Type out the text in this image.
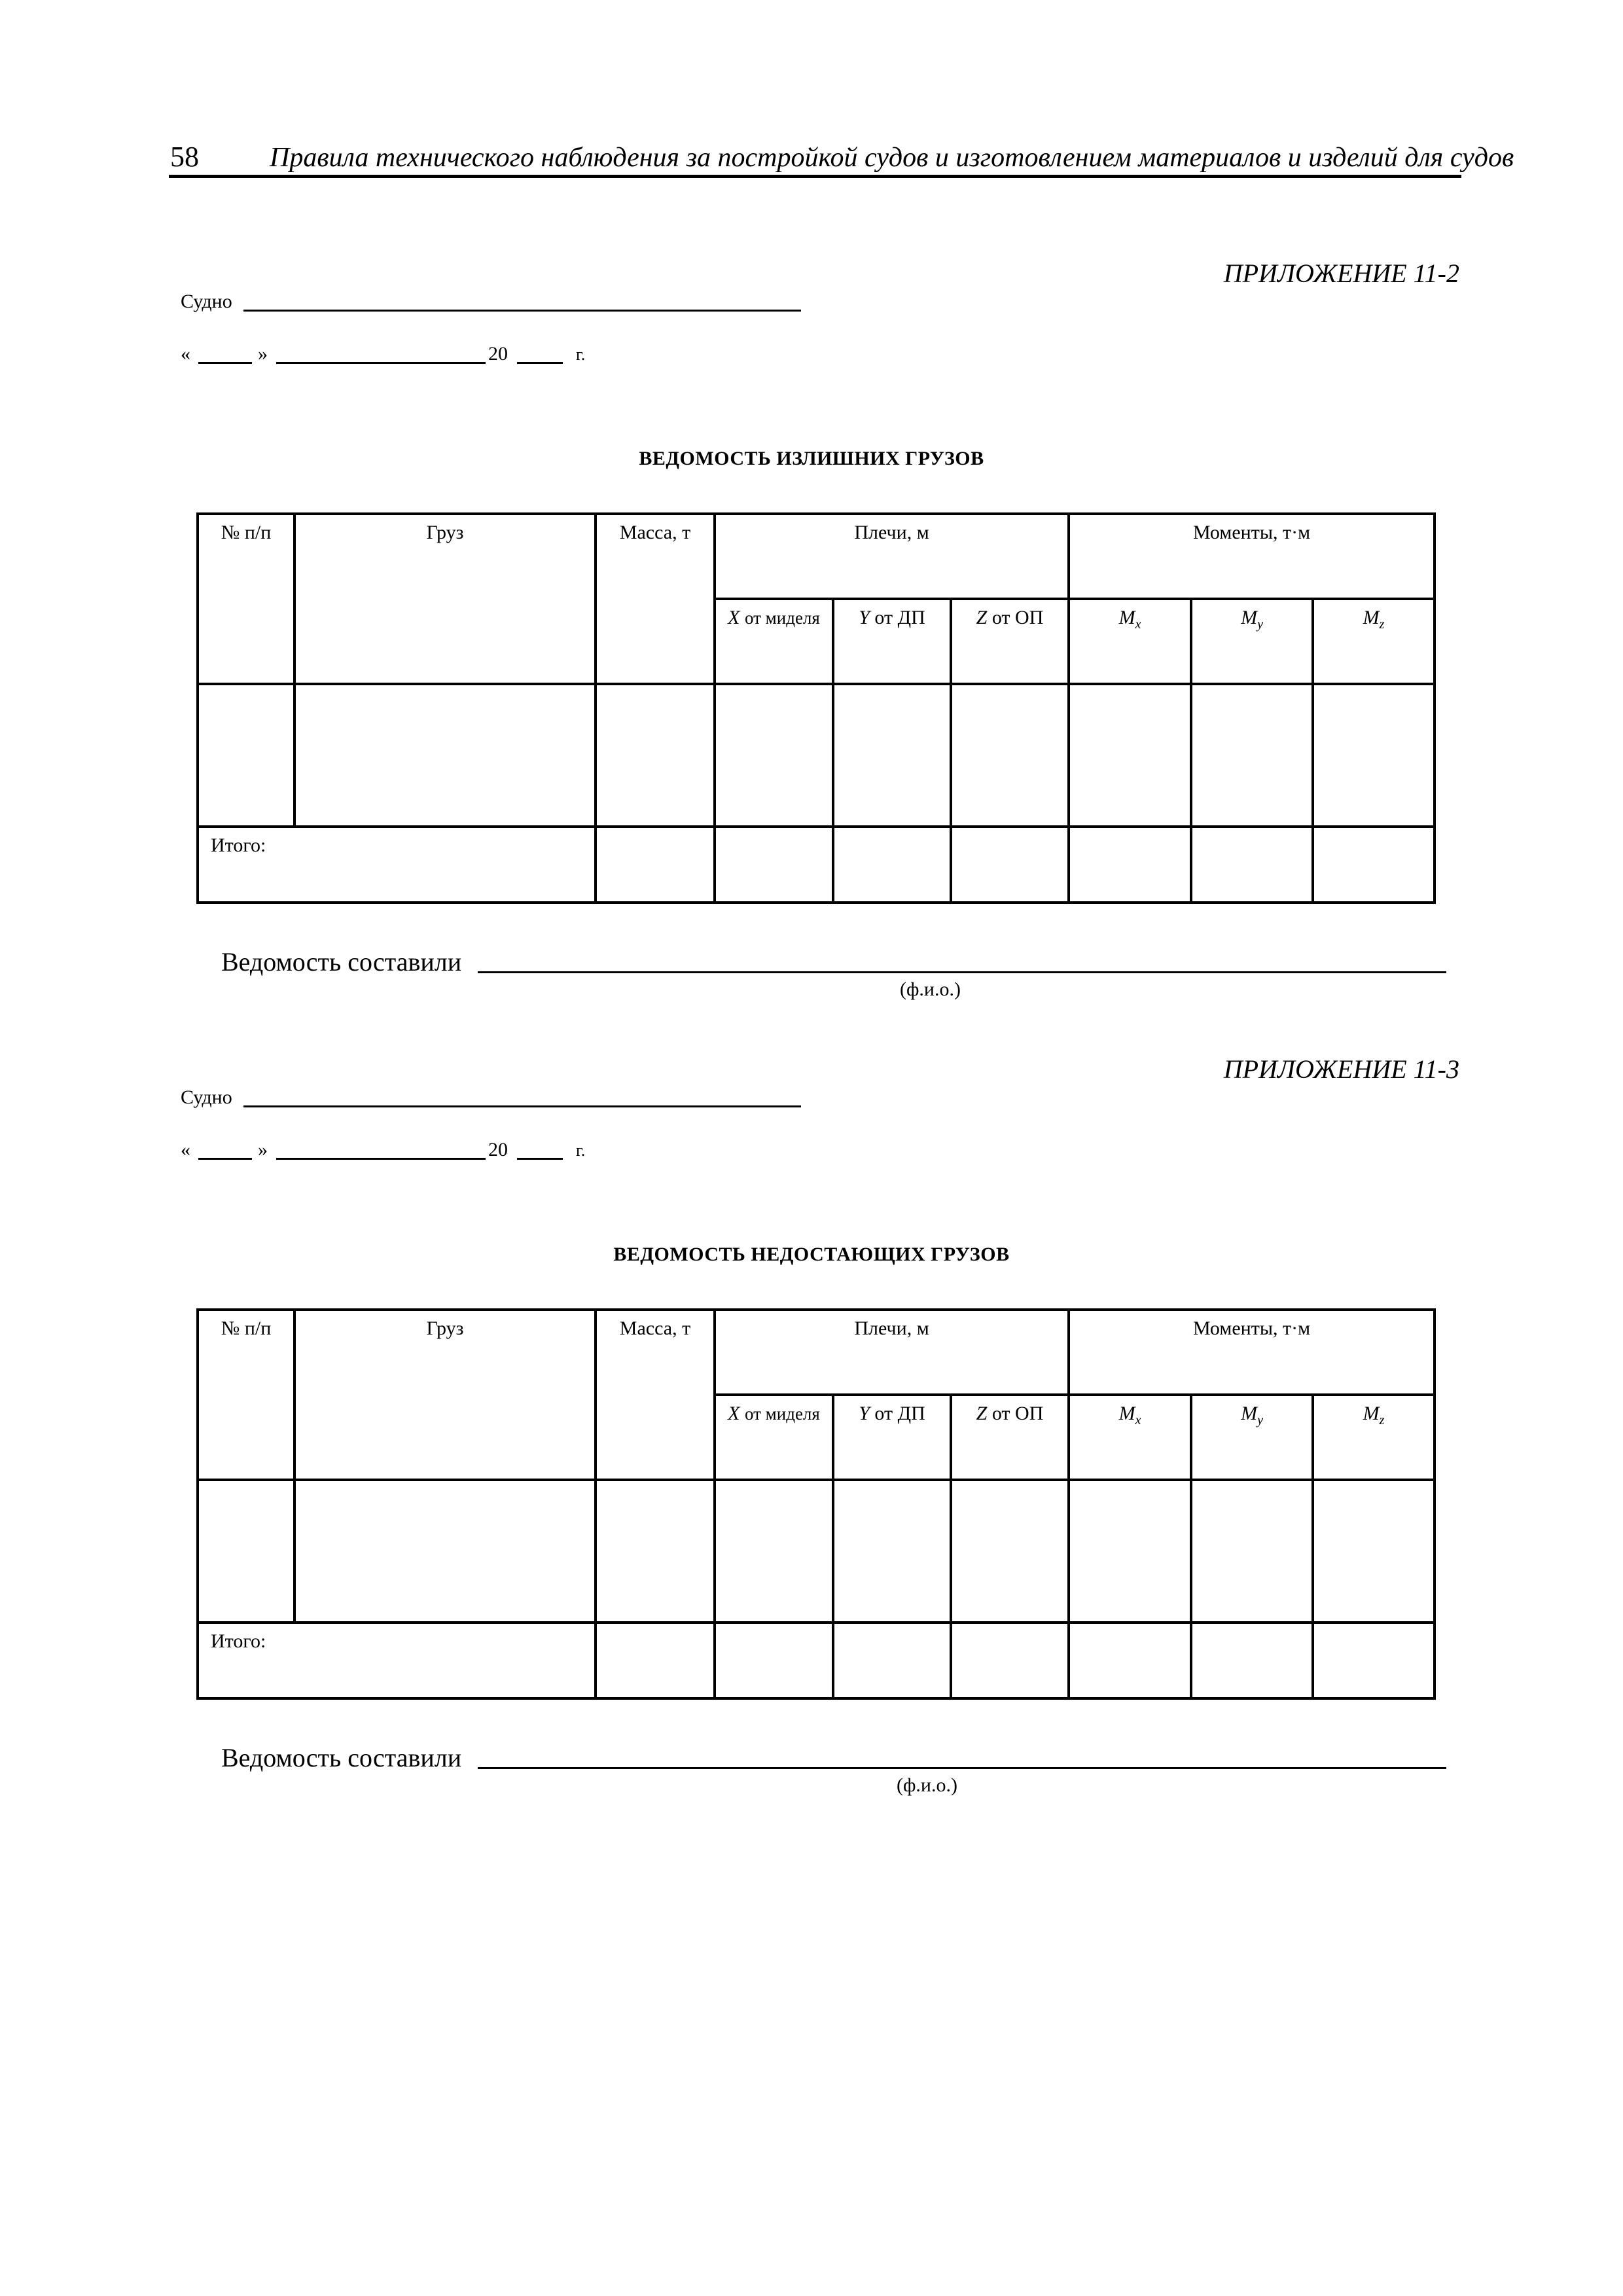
58	Правила технического наблюдения за постройкой судов и изготовлением материалов и изделий для судов
ПРИЛОЖЕНИЕ 11-2
Судно
«	»	20	г.
ВЕДОМОСТЬ ИЗЛИШНИХ ГРУЗОВ
№ п/п	Груз	Масса, т	Плечи, м			Моменты, т·м		
			X от миделя	Y от ДП	Z от ОП	$M_x$	$M_y$	$M_z$

Итого:								
Ведомость составили
(ф.и.о.)
ПРИЛОЖЕНИЕ 11-3
Судно
«	»	20	г.
ВЕДОМОСТЬ НЕДОСТАЮЩИХ ГРУЗОВ
№ п/п	Груз	Масса, т	Плечи, м			Моменты, т·м		
			X от миделя	Y от ДП	Z от ОП	$M_x$	$M_y$	$M_z$

Итого:								
Ведомость составили
(ф.и.о.)
